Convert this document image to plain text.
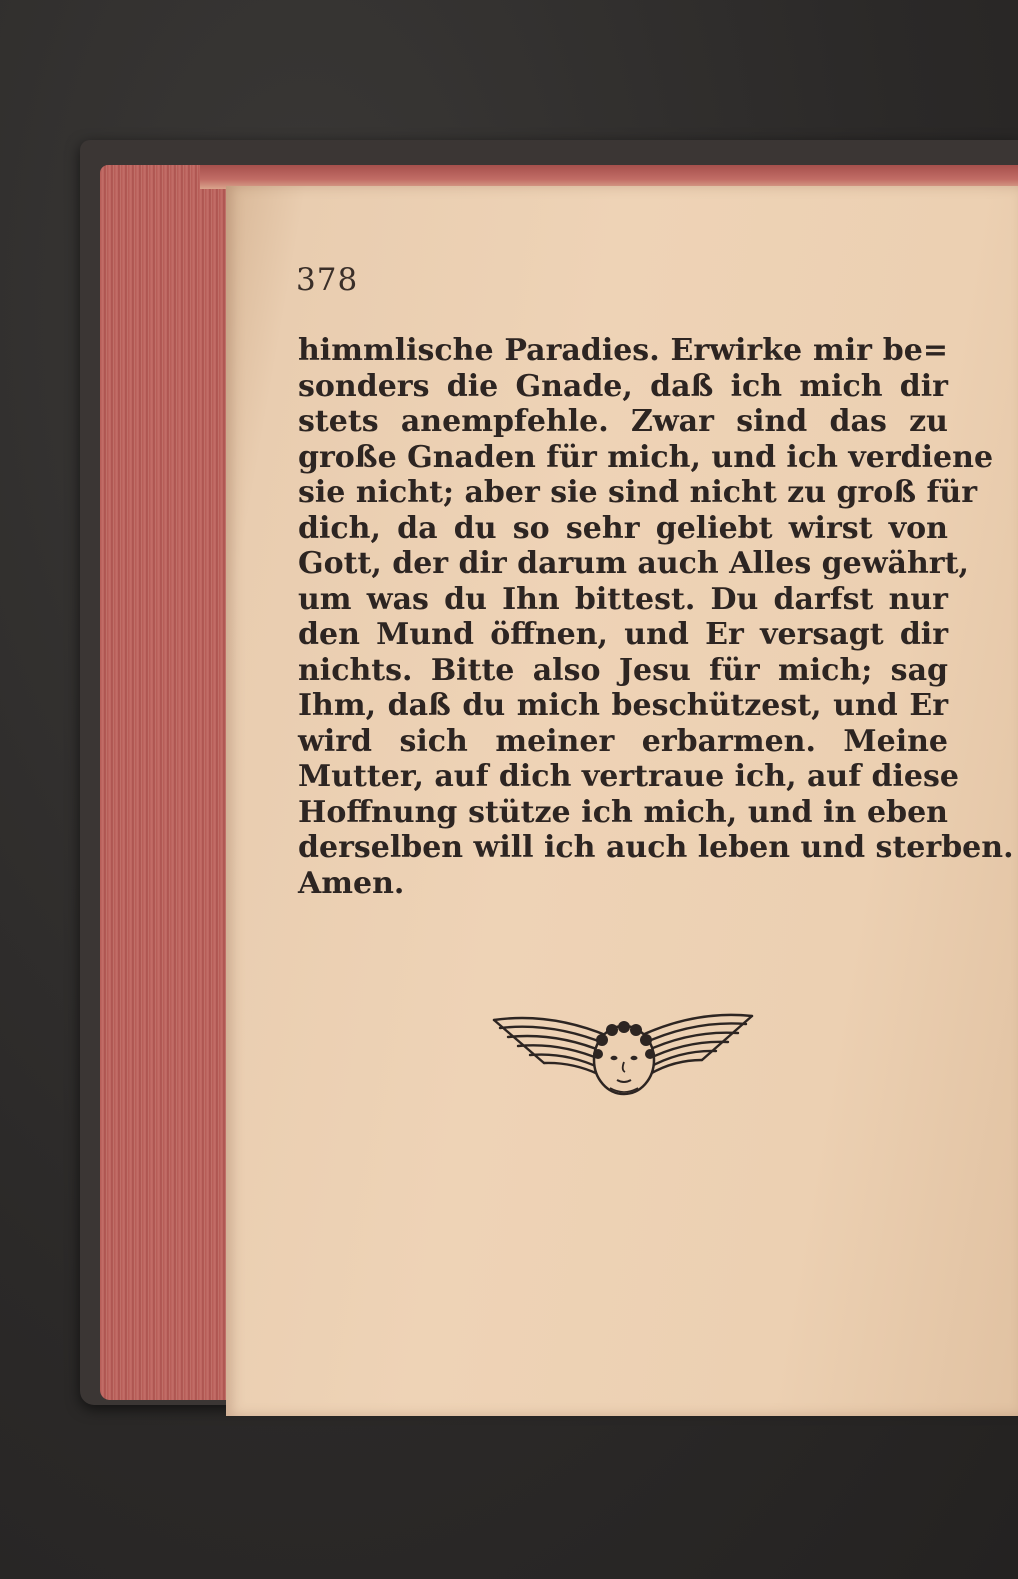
378
himmlische Paradies. Erwirke mir be=
sonders die Gnade, daß ich mich dir
stets anempfehle. Zwar sind das zu
große Gnaden für mich, und ich verdiene
sie nicht; aber sie sind nicht zu groß für
dich, da du so sehr geliebt wirst von
Gott, der dir darum auch Alles gewährt,
um was du Ihn bittest. Du darfst nur
den Mund öffnen, und Er versagt dir
nichts. Bitte also Jesu für mich; sag
Ihm, daß du mich beschützest, und Er
wird sich meiner erbarmen. Meine
Mutter, auf dich vertraue ich, auf diese
Hoffnung stütze ich mich, und in eben
derselben will ich auch leben und sterben.
Amen.
